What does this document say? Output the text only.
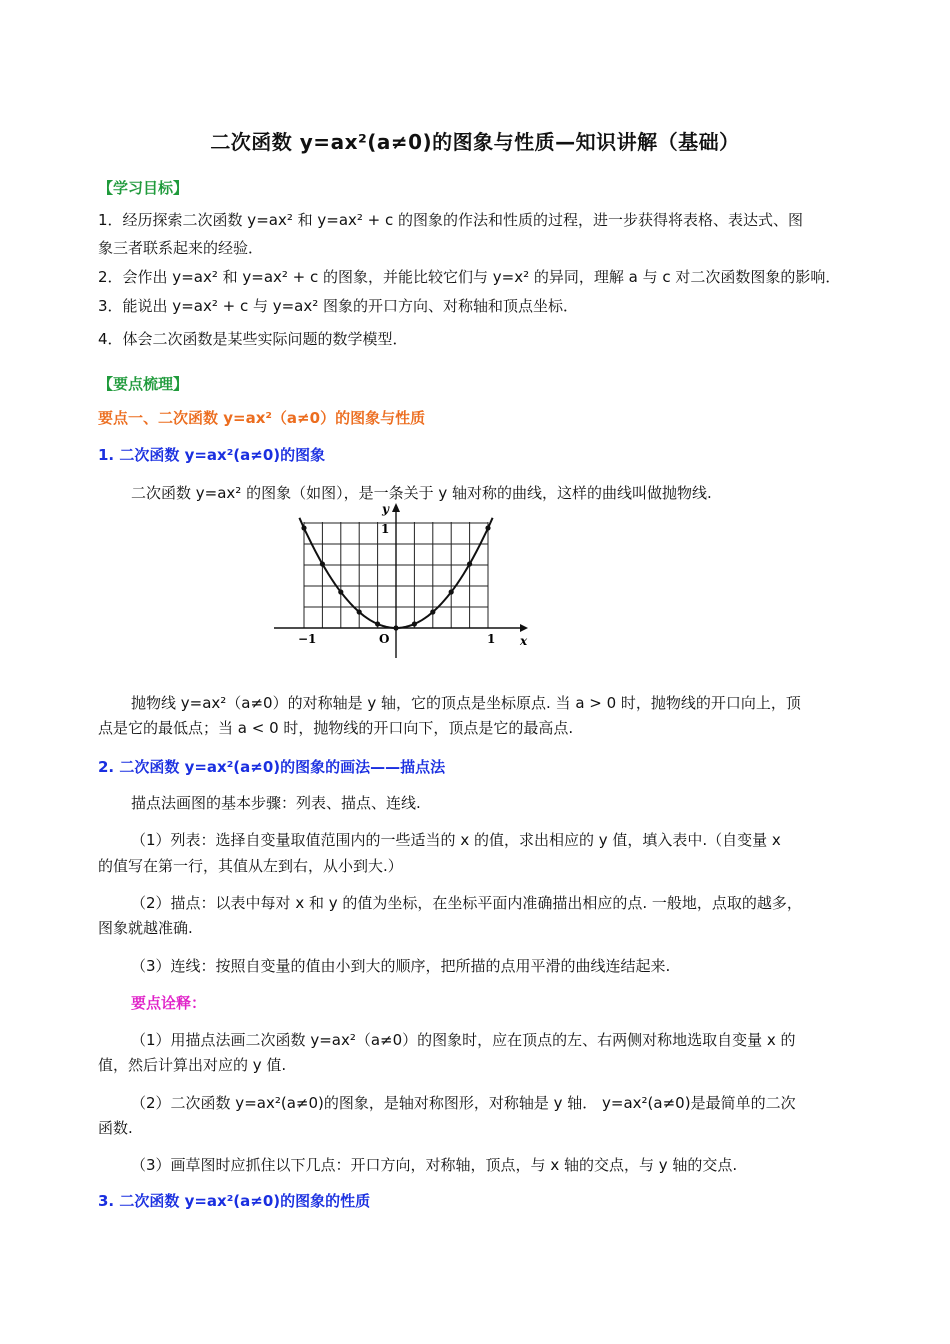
二次函数 y=ax²(a≠0)的图象与性质—知识讲解（基础）
【学习目标】
1．经历探索二次函数 y=ax² 和 y=ax² + c 的图象的作法和性质的过程，进一步获得将表格、表达式、图
象三者联系起来的经验．
2．会作出 y=ax² 和 y=ax² + c 的图象，并能比较它们与 y=x² 的异同，理解 a 与 c 对二次函数图象的影响．
3．能说出 y=ax² + c 与 y=ax² 图象的开口方向、对称轴和顶点坐标．
4．体会二次函数是某些实际问题的数学模型．
【要点梳理】
要点一、二次函数 y=ax²（a≠0）的图象与性质
1. 二次函数 y=ax²(a≠0)的图象
二次函数 y=ax² 的图象（如图），是一条关于 y 轴对称的曲线，这样的曲线叫做抛物线.
y
x
−1	O	1
1
抛物线 y=ax²（a≠0）的对称轴是 y 轴，它的顶点是坐标原点. 当 a > 0 时，抛物线的开口向上，顶
点是它的最低点；当 a < 0 时，抛物线的开口向下，顶点是它的最高点.
2. 二次函数 y=ax²(a≠0)的图象的画法——描点法
描点法画图的基本步骤：列表、描点、连线.
（1）列表：选择自变量取值范围内的一些适当的 x 的值，求出相应的 y 值，填入表中.（自变量 x
的值写在第一行，其值从左到右，从小到大.）
（2）描点：以表中每对 x 和 y 的值为坐标，在坐标平面内准确描出相应的点. 一般地，点取的越多，
图象就越准确.
（3）连线：按照自变量的值由小到大的顺序，把所描的点用平滑的曲线连结起来.
要点诠释：
（1）用描点法画二次函数 y=ax²（a≠0）的图象时，应在顶点的左、右两侧对称地选取自变量 x 的
值，然后计算出对应的 y 值.
（2）二次函数 y=ax²(a≠0)的图象，是轴对称图形，对称轴是 y 轴． y=ax²(a≠0)是最简单的二次
函数.
（3）画草图时应抓住以下几点：开口方向，对称轴，顶点，与 x 轴的交点，与 y 轴的交点.
3. 二次函数 y=ax²(a≠0)的图象的性质
